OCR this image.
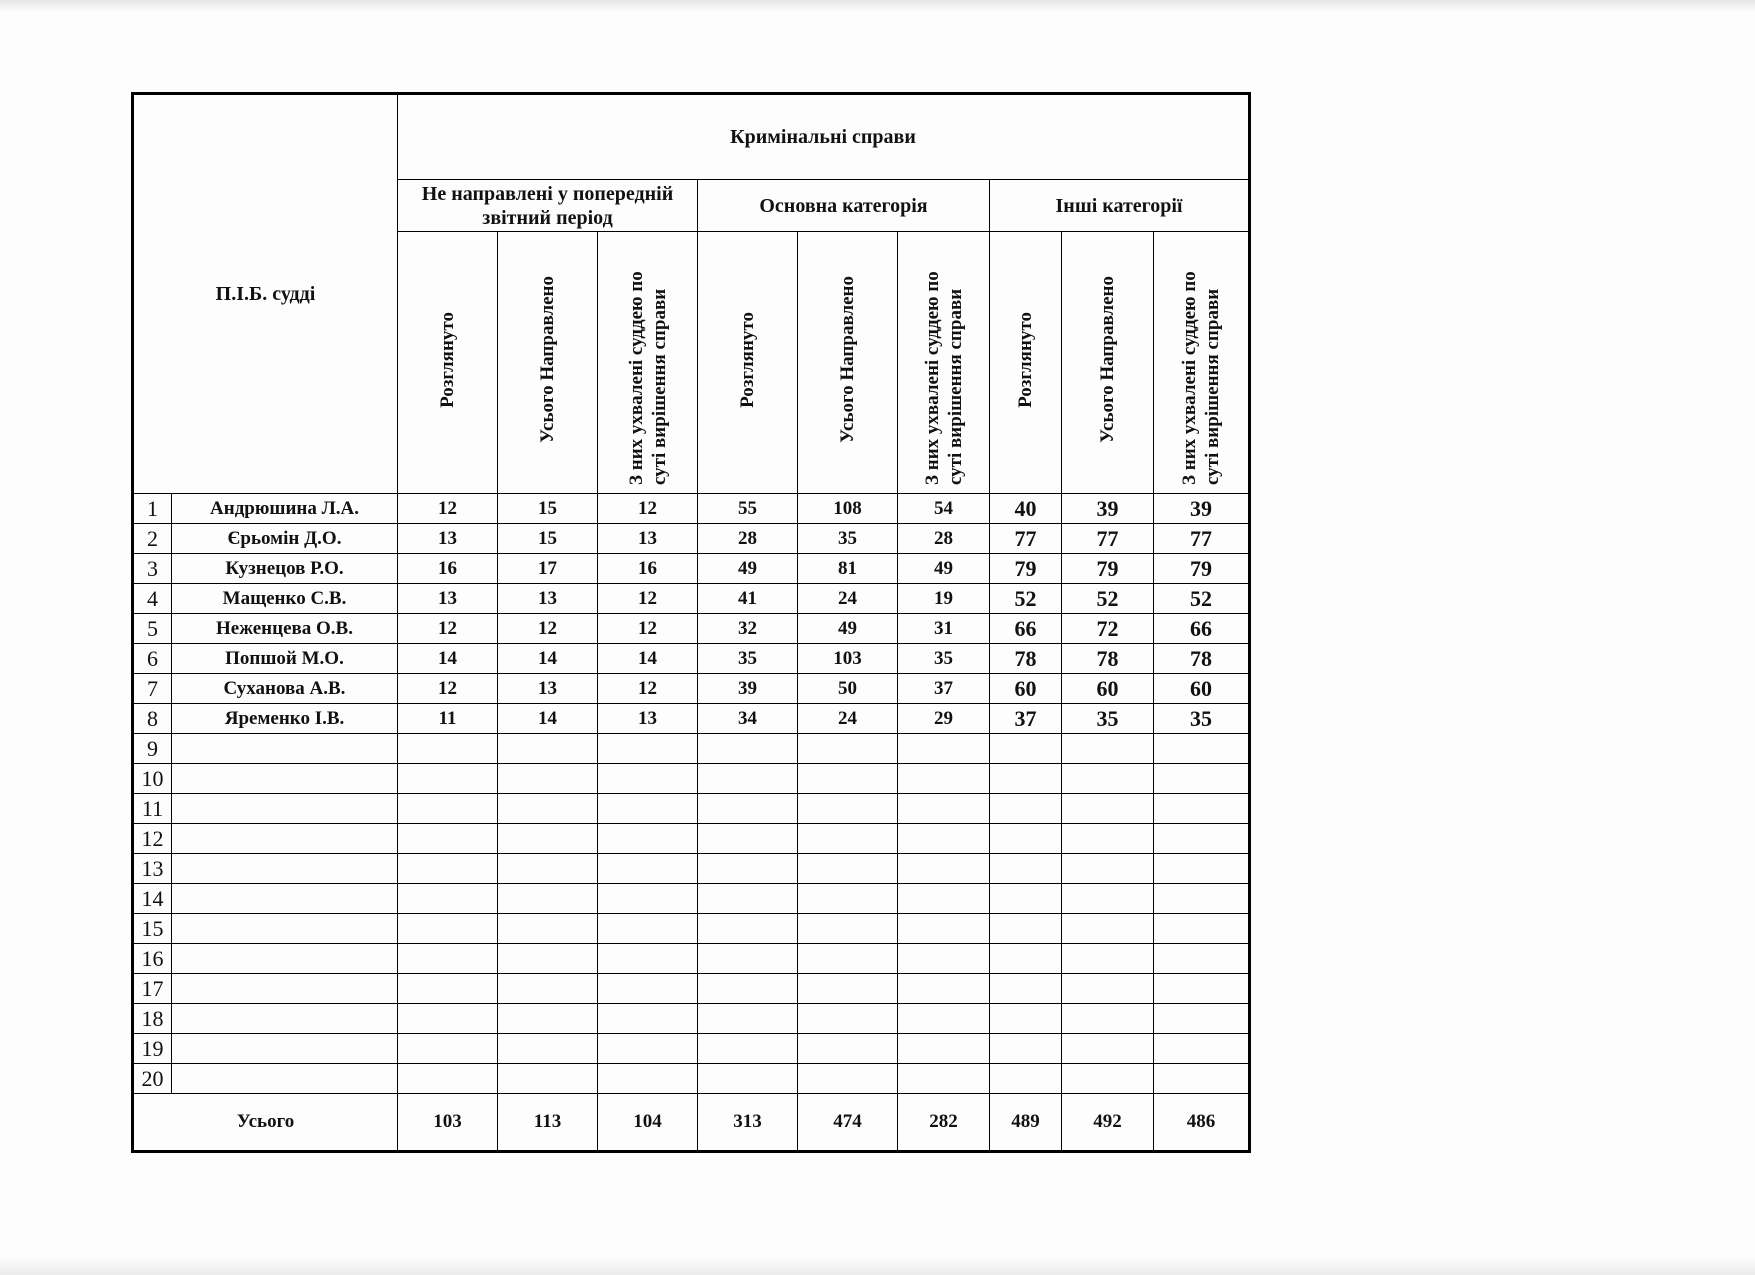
П.І.Б. судді		Кримінальні справи								
		Не направлені у попередній звітний період			Основна категорія			Інші категорії		
		Розглянуто	Усього Направлено	З них ухвалені суддею по суті вирішення справи	Розглянуто	Усього Направлено	З них ухвалені суддею по суті вирішення справи	Розглянуто	Усього Направлено	З них ухвалені суддею по суті вирішення справи
1	Андрюшина Л.А.	12	15	12	55	108	54	40	39	39
2	Єрьомін Д.О.	13	15	13	28	35	28	77	77	77
3	Кузнецов Р.О.	16	17	16	49	81	49	79	79	79
4	Мащенко С.В.	13	13	12	41	24	19	52	52	52
5	Неженцева О.В.	12	12	12	32	49	31	66	72	66
6	Попшой М.О.	14	14	14	35	103	35	78	78	78
7	Суханова А.В.	12	13	12	39	50	37	60	60	60
8	Яременко І.В.	11	14	13	34	24	29	37	35	35
9										
10										
11										
12										
13										
14										
15										
16										
17										
18										
19										
20										
Усього		103	113	104	313	474	282	489	492	486
